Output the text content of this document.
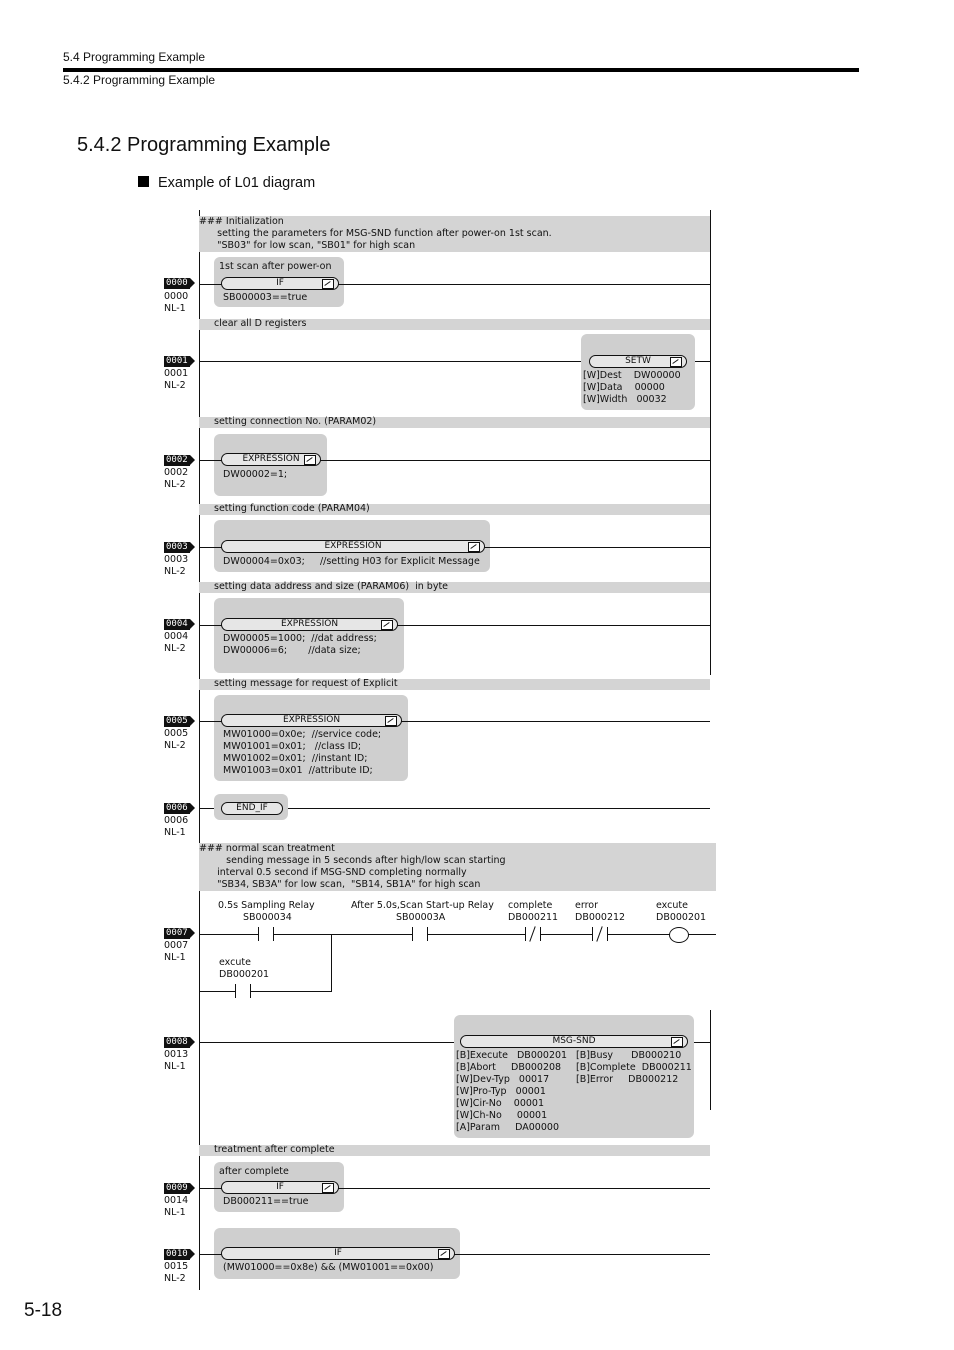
5.4 Programming Example
5.4.2 Programming Example
5.4.2 Programming Example
Example of L01 diagram
### Initialization
setting the parameters for MSG-SND function after power-on 1st scan.
"SB03" for low scan, "SB01" for high scan
1st scan after power-on
IF
SB000003==true
0000
0000
NL-1
clear all D registers
SETW
[W]Dest    DW00000
[W]Data    00000
[W]Width   00032
0001
0001
NL-2
setting connection No. (PARAM02)
EXPRESSION
DW00002=1;
0002
0002
NL-2
setting function code (PARAM04)
EXPRESSION
DW00004=0x03;     //setting H03 for Explicit Message
0003
0003
NL-2
setting data address and size (PARAM06)  in byte
EXPRESSION
DW00005=1000;  //dat address;
DW00006=6;       //data size;
0004
0004
NL-2
setting message for request of Explicit
EXPRESSION
MW01000=0x0e;  //service code;
MW01001=0x01;   //class ID;
MW01002=0x01;  //instant ID;
MW01003=0x01  //attribute ID;
0005
0005
NL-2
END_IF
0006
0006
NL-1
### normal scan treatment
sending message in 5 seconds after high/low scan starting
interval 0.5 second if MSG-SND completing normally
"SB34, SB3A" for low scan,  "SB14, SB1A" for high scan
0.5s Sampling Relay
SB000034
After 5.0s,Scan Start-up Relay
SB00003A
complete
DB000211
error
DB000212
excute
DB000201
excute
DB000201
0007
0007
NL-1
MSG-SND
[B]Execute   DB000201
[B]Abort     DB000208
[W]Dev-Typ   00017
[W]Pro-Typ   00001
[W]Cir-No    00001
[W]Ch-No     00001
[A]Param     DA00000
[B]Busy      DB000210
[B]Complete  DB000211
[B]Error     DB000212
0008
0013
NL-1
treatment after complete
after complete
IF
DB000211==true
0009
0014
NL-1
IF
(MW01000==0x8e) && (MW01001==0x00)
0010
0015
NL-2
5-18
